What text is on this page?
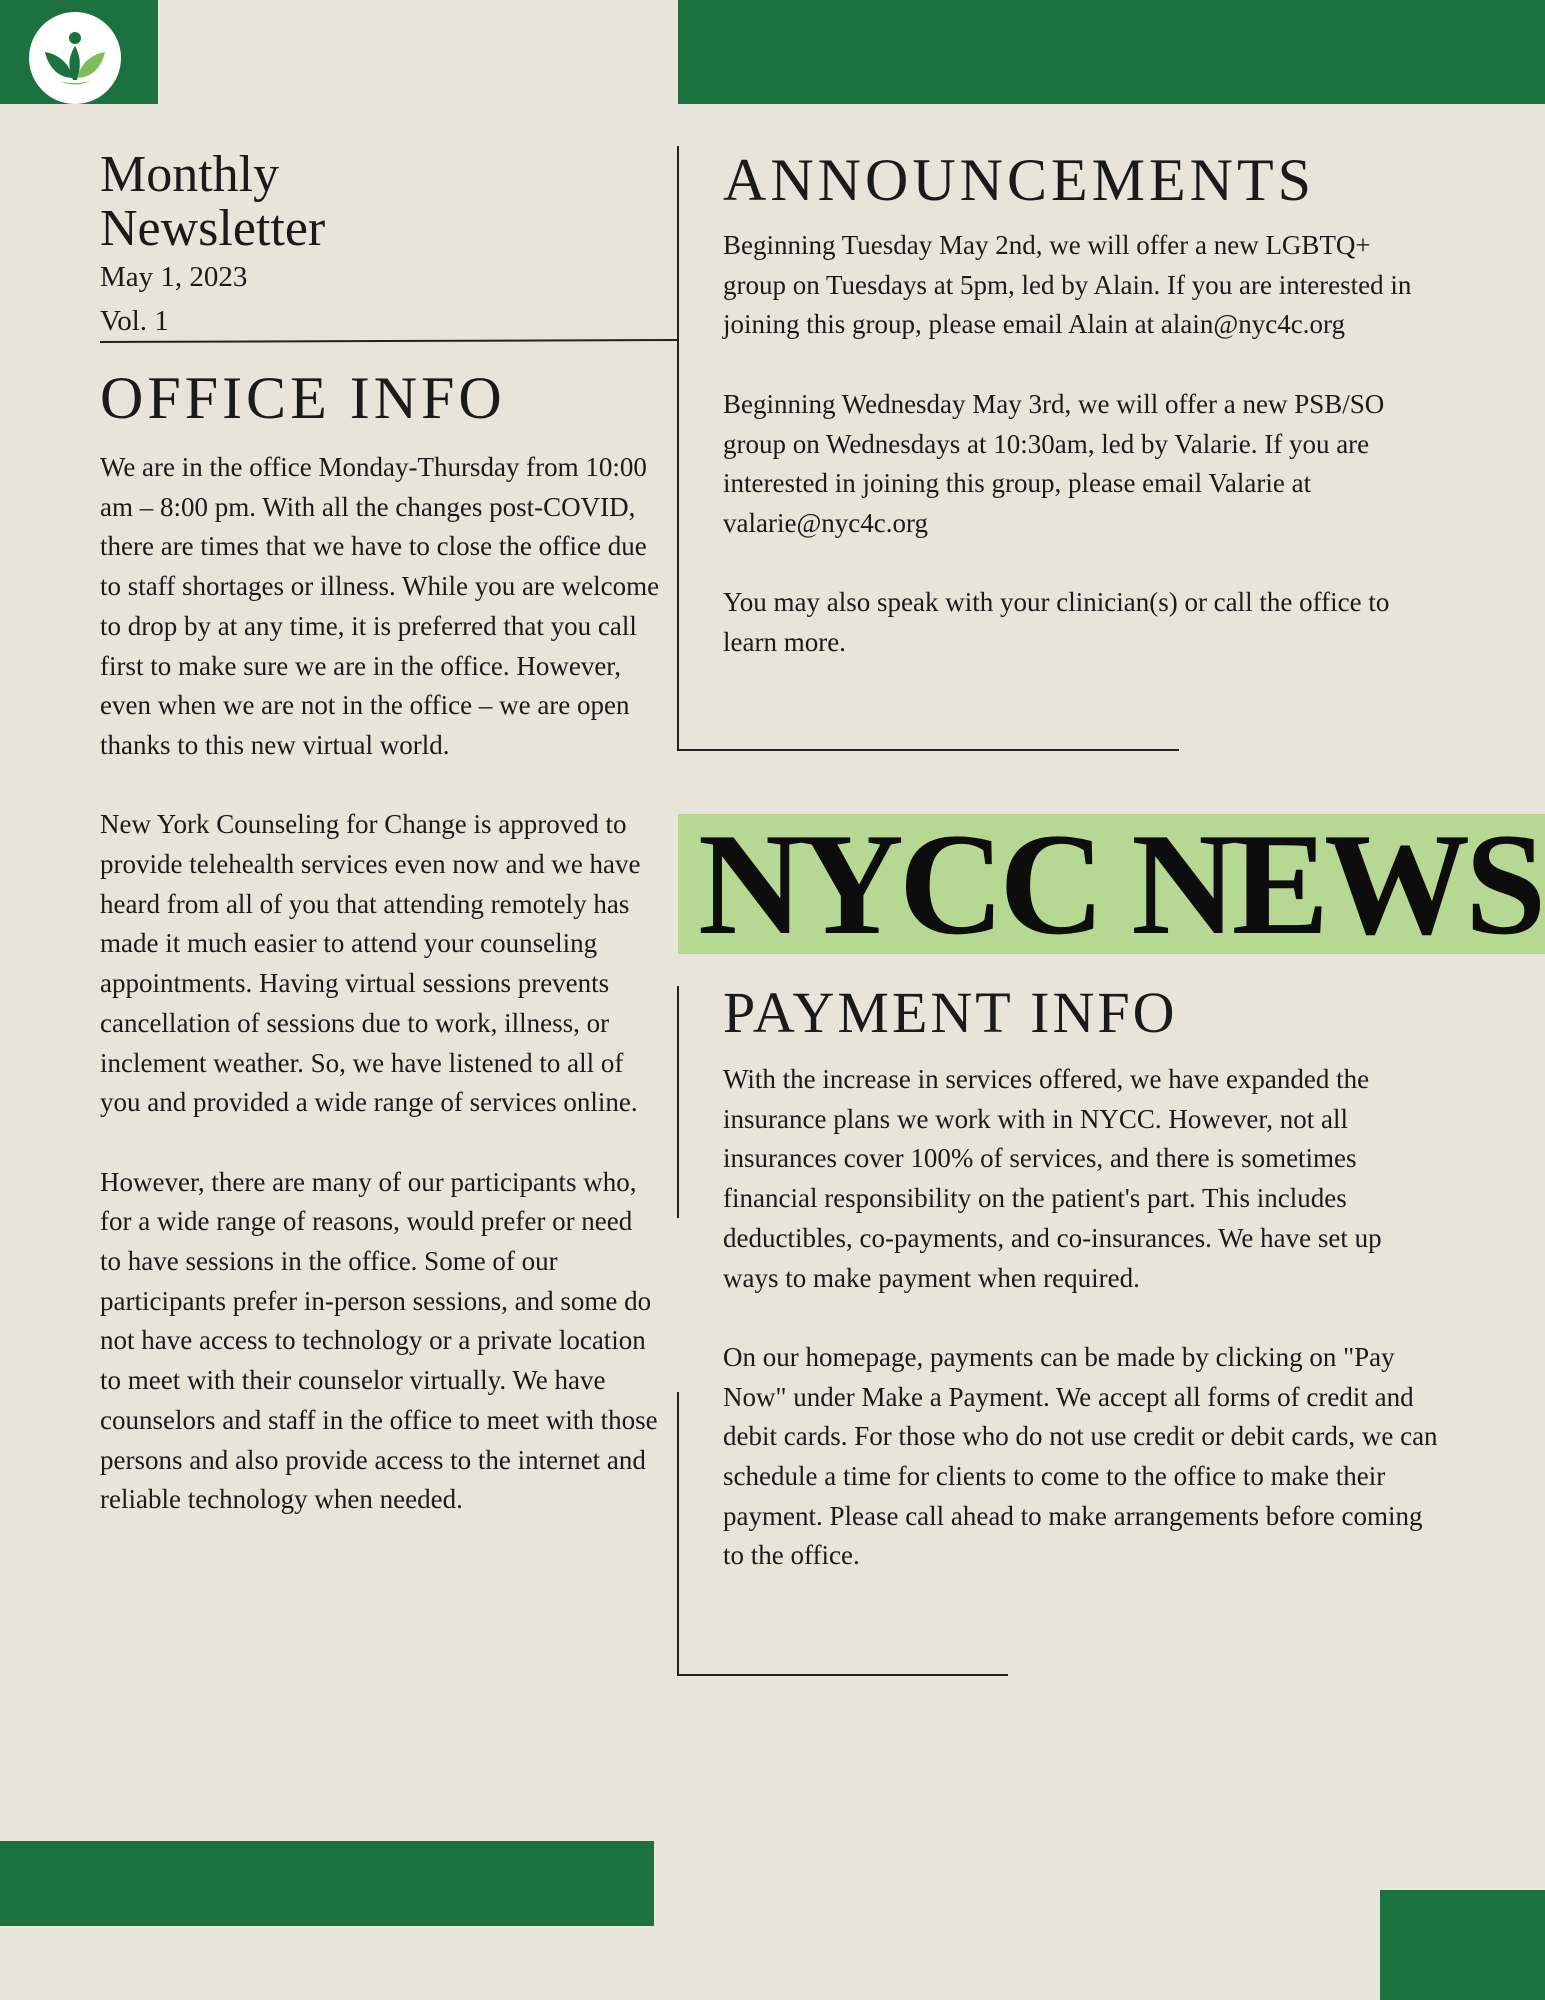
Monthly
Newsletter
May 1, 2023
Vol. 1
OFFICE INFO

We are in the office Monday-Thursday from 10:00 am – 8:00 pm. With all the changes post-COVID, there are times that we have to close the office due to staff shortages or illness. While you are welcome to drop by at any time, it is preferred that you call first to make sure we are in the office. However, even when we are not in the office – we are open thanks to this new virtual world.

New York Counseling for Change is approved to provide telehealth services even now and we have heard from all of you that attending remotely has made it much easier to attend your counseling appointments. Having virtual sessions prevents cancellation of sessions due to work, illness, or inclement weather. So, we have listened to all of you and provided a wide range of services online.

However, there are many of our participants who, for a wide range of reasons, would prefer or need to have sessions in the office. Some of our participants prefer in-person sessions, and some do not have access to technology or a private location to meet with their counselor virtually. We have counselors and staff in the office to meet with those persons and also provide access to the internet and reliable technology when needed.

ANNOUNCEMENTS

Beginning Tuesday May 2nd, we will offer a new LGBTQ+ group on Tuesdays at 5pm, led by Alain. If you are interested in joining this group, please email Alain at alain@nyc4c.org

Beginning Wednesday May 3rd, we will offer a new PSB/SO group on Wednesdays at 10:30am, led by Valarie. If you are interested in joining this group, please email Valarie at valarie@nyc4c.org

You may also speak with your clinician(s) or call the office to learn more.

NYCC NEWS
PAYMENT INFO

With the increase in services offered, we have expanded the insurance plans we work with in NYCC. However, not all insurances cover 100% of services, and there is sometimes financial responsibility on the patient's part. This includes deductibles, co-payments, and co-insurances. We have set up ways to make payment when required.

On our homepage, payments can be made by clicking on "Pay Now" under Make a Payment. We accept all forms of credit and debit cards. For those who do not use credit or debit cards, we can schedule a time for clients to come to the office to make their payment. Please call ahead to make arrangements before coming to the office.
